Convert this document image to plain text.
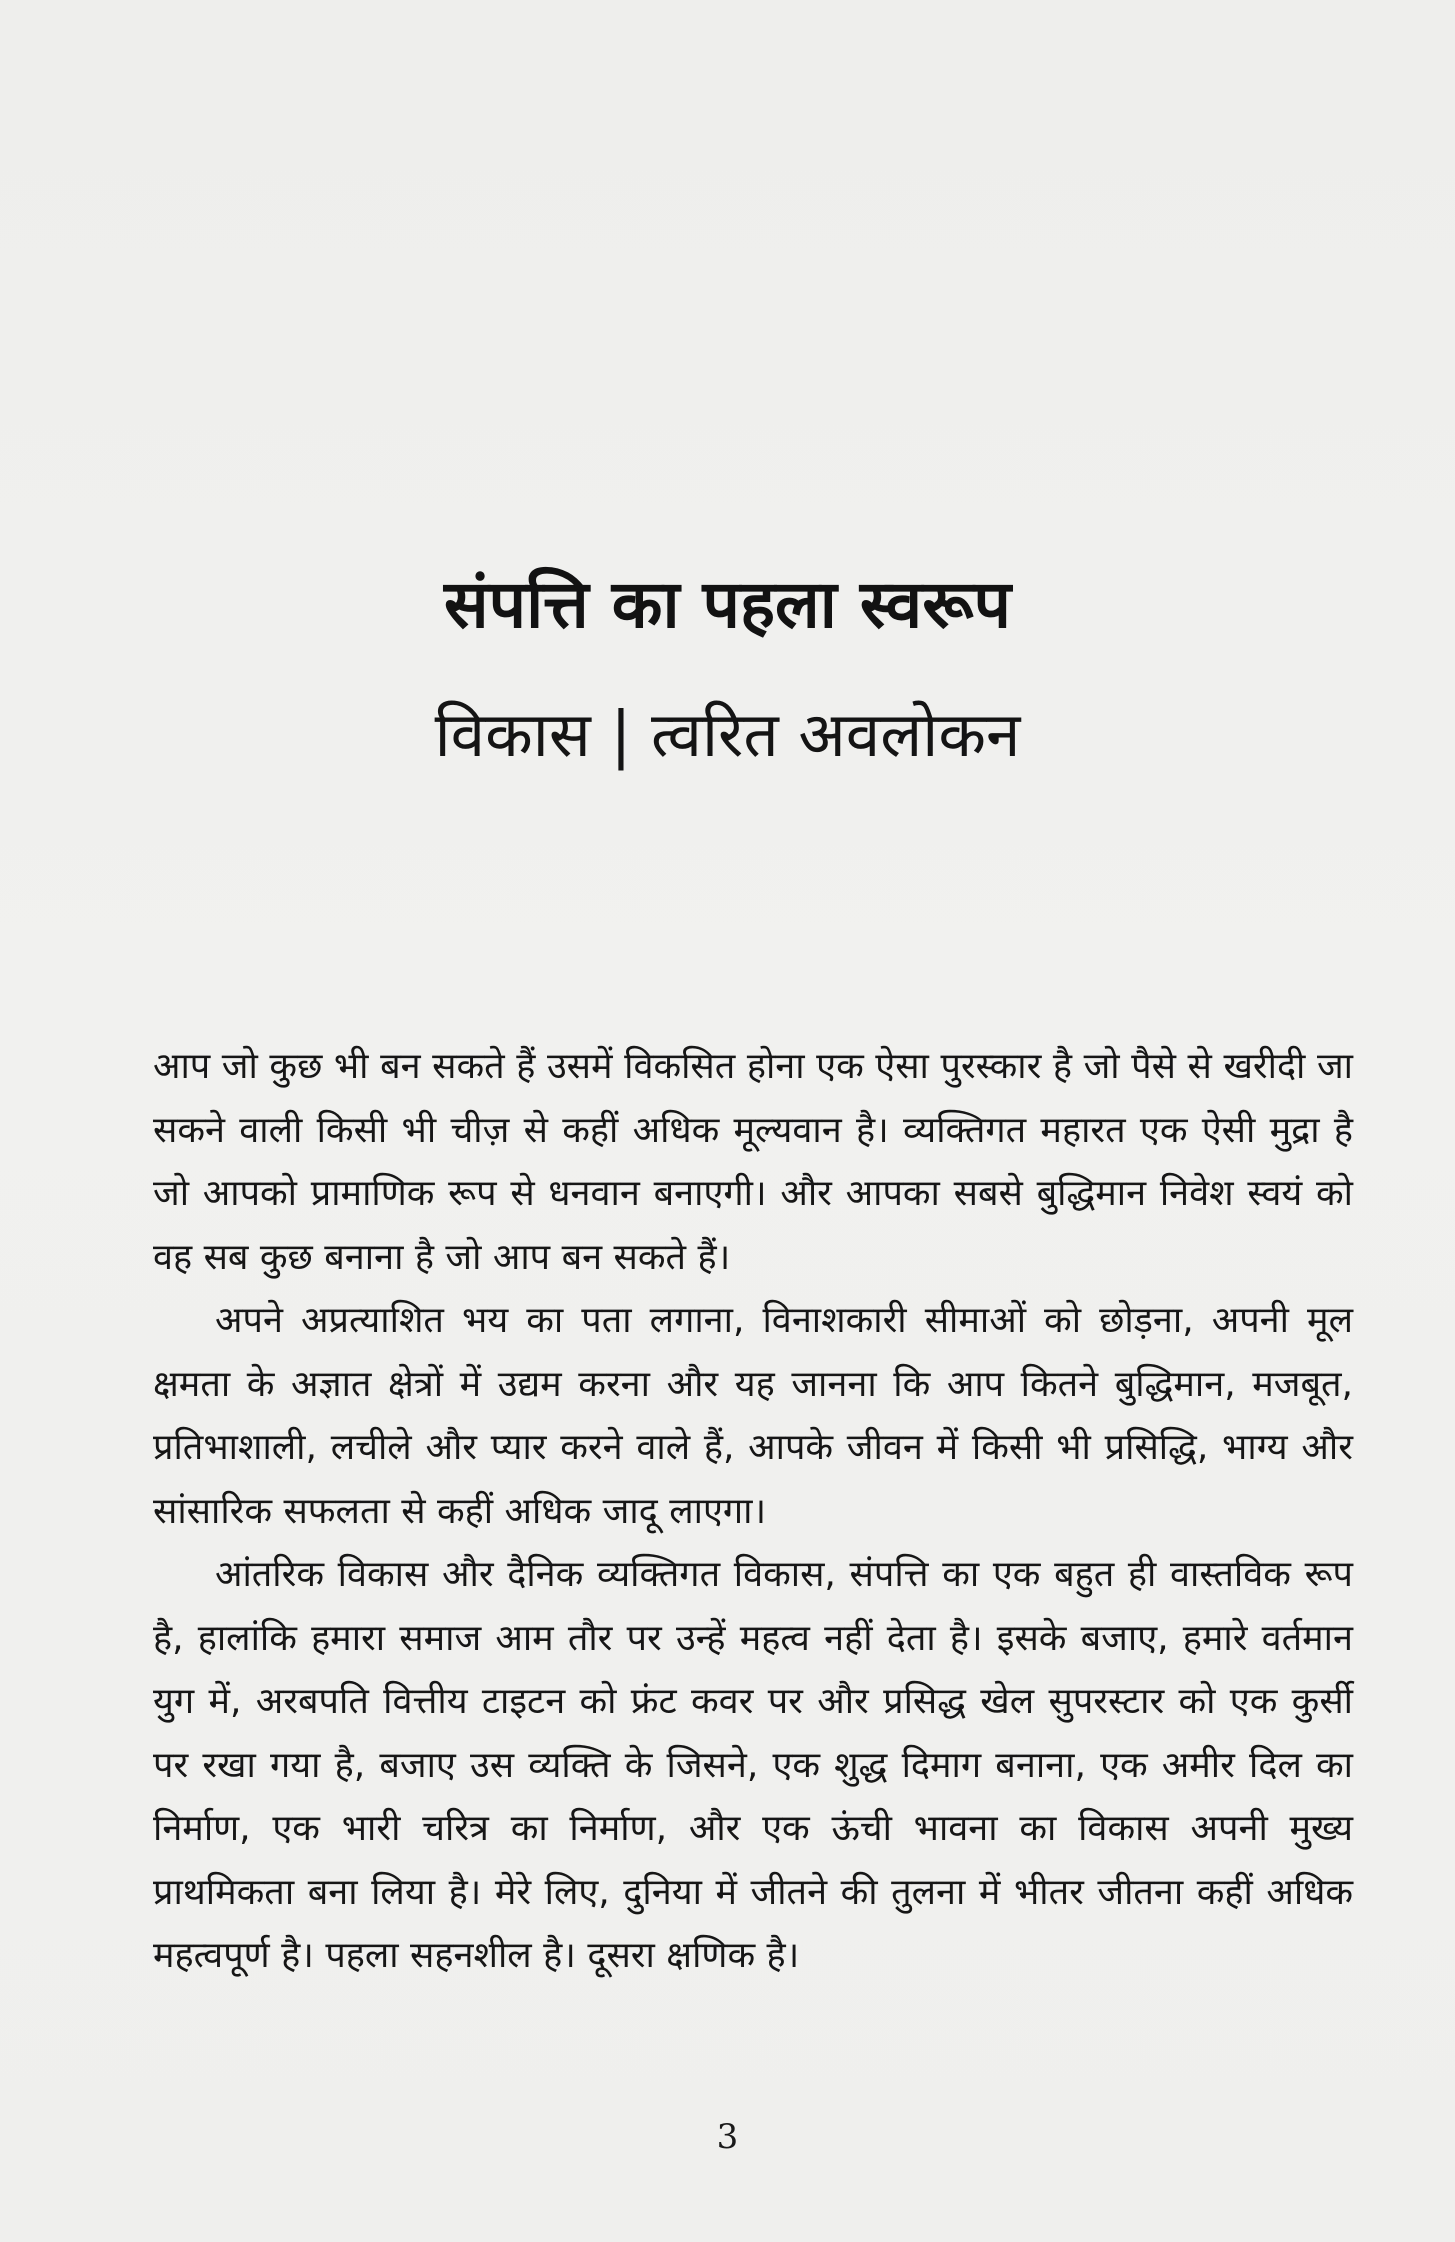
संपत्ति का पहला स्वरूप
विकास | त्वरित अवलोकन

आप जो कुछ भी बन सकते हैं उसमें विकसित होना एक ऐसा पुरस्कार है जो पैसे से खरीदी जा सकने वाली किसी भी चीज़ से कहीं अधिक मूल्यवान है। व्यक्तिगत महारत एक ऐसी मुद्रा है जो आपको प्रामाणिक रूप से धनवान बनाएगी। और आपका सबसे बुद्धिमान निवेश स्वयं को वह सब कुछ बनाना है जो आप बन सकते हैं।

अपने अप्रत्याशित भय का पता लगाना, विनाशकारी सीमाओं को छोड़ना, अपनी मूल क्षमता के अज्ञात क्षेत्रों में उद्यम करना और यह जानना कि आप कितने बुद्धिमान, मजबूत, प्रतिभाशाली, लचीले और प्यार करने वाले हैं, आपके जीवन में किसी भी प्रसिद्धि, भाग्य और सांसारिक सफलता से कहीं अधिक जादू लाएगा।

आंतरिक विकास और दैनिक व्यक्तिगत विकास, संपत्ति का एक बहुत ही वास्तविक रूप है, हालांकि हमारा समाज आम तौर पर उन्हें महत्व नहीं देता है। इसके बजाए, हमारे वर्तमान युग में, अरबपति वित्तीय टाइटन को फ्रंट कवर पर और प्रसिद्ध खेल सुपरस्टार को एक कुर्सी पर रखा गया है, बजाए उस व्यक्ति के जिसने, एक शुद्ध दिमाग बनाना, एक अमीर दिल का निर्माण, एक भारी चरित्र का निर्माण, और एक ऊंची भावना का विकास अपनी मुख्य प्राथमिकता बना लिया है। मेरे लिए, दुनिया में जीतने की तुलना में भीतर जीतना कहीं अधिक महत्वपूर्ण है। पहला सहनशील है। दूसरा क्षणिक है।

3
